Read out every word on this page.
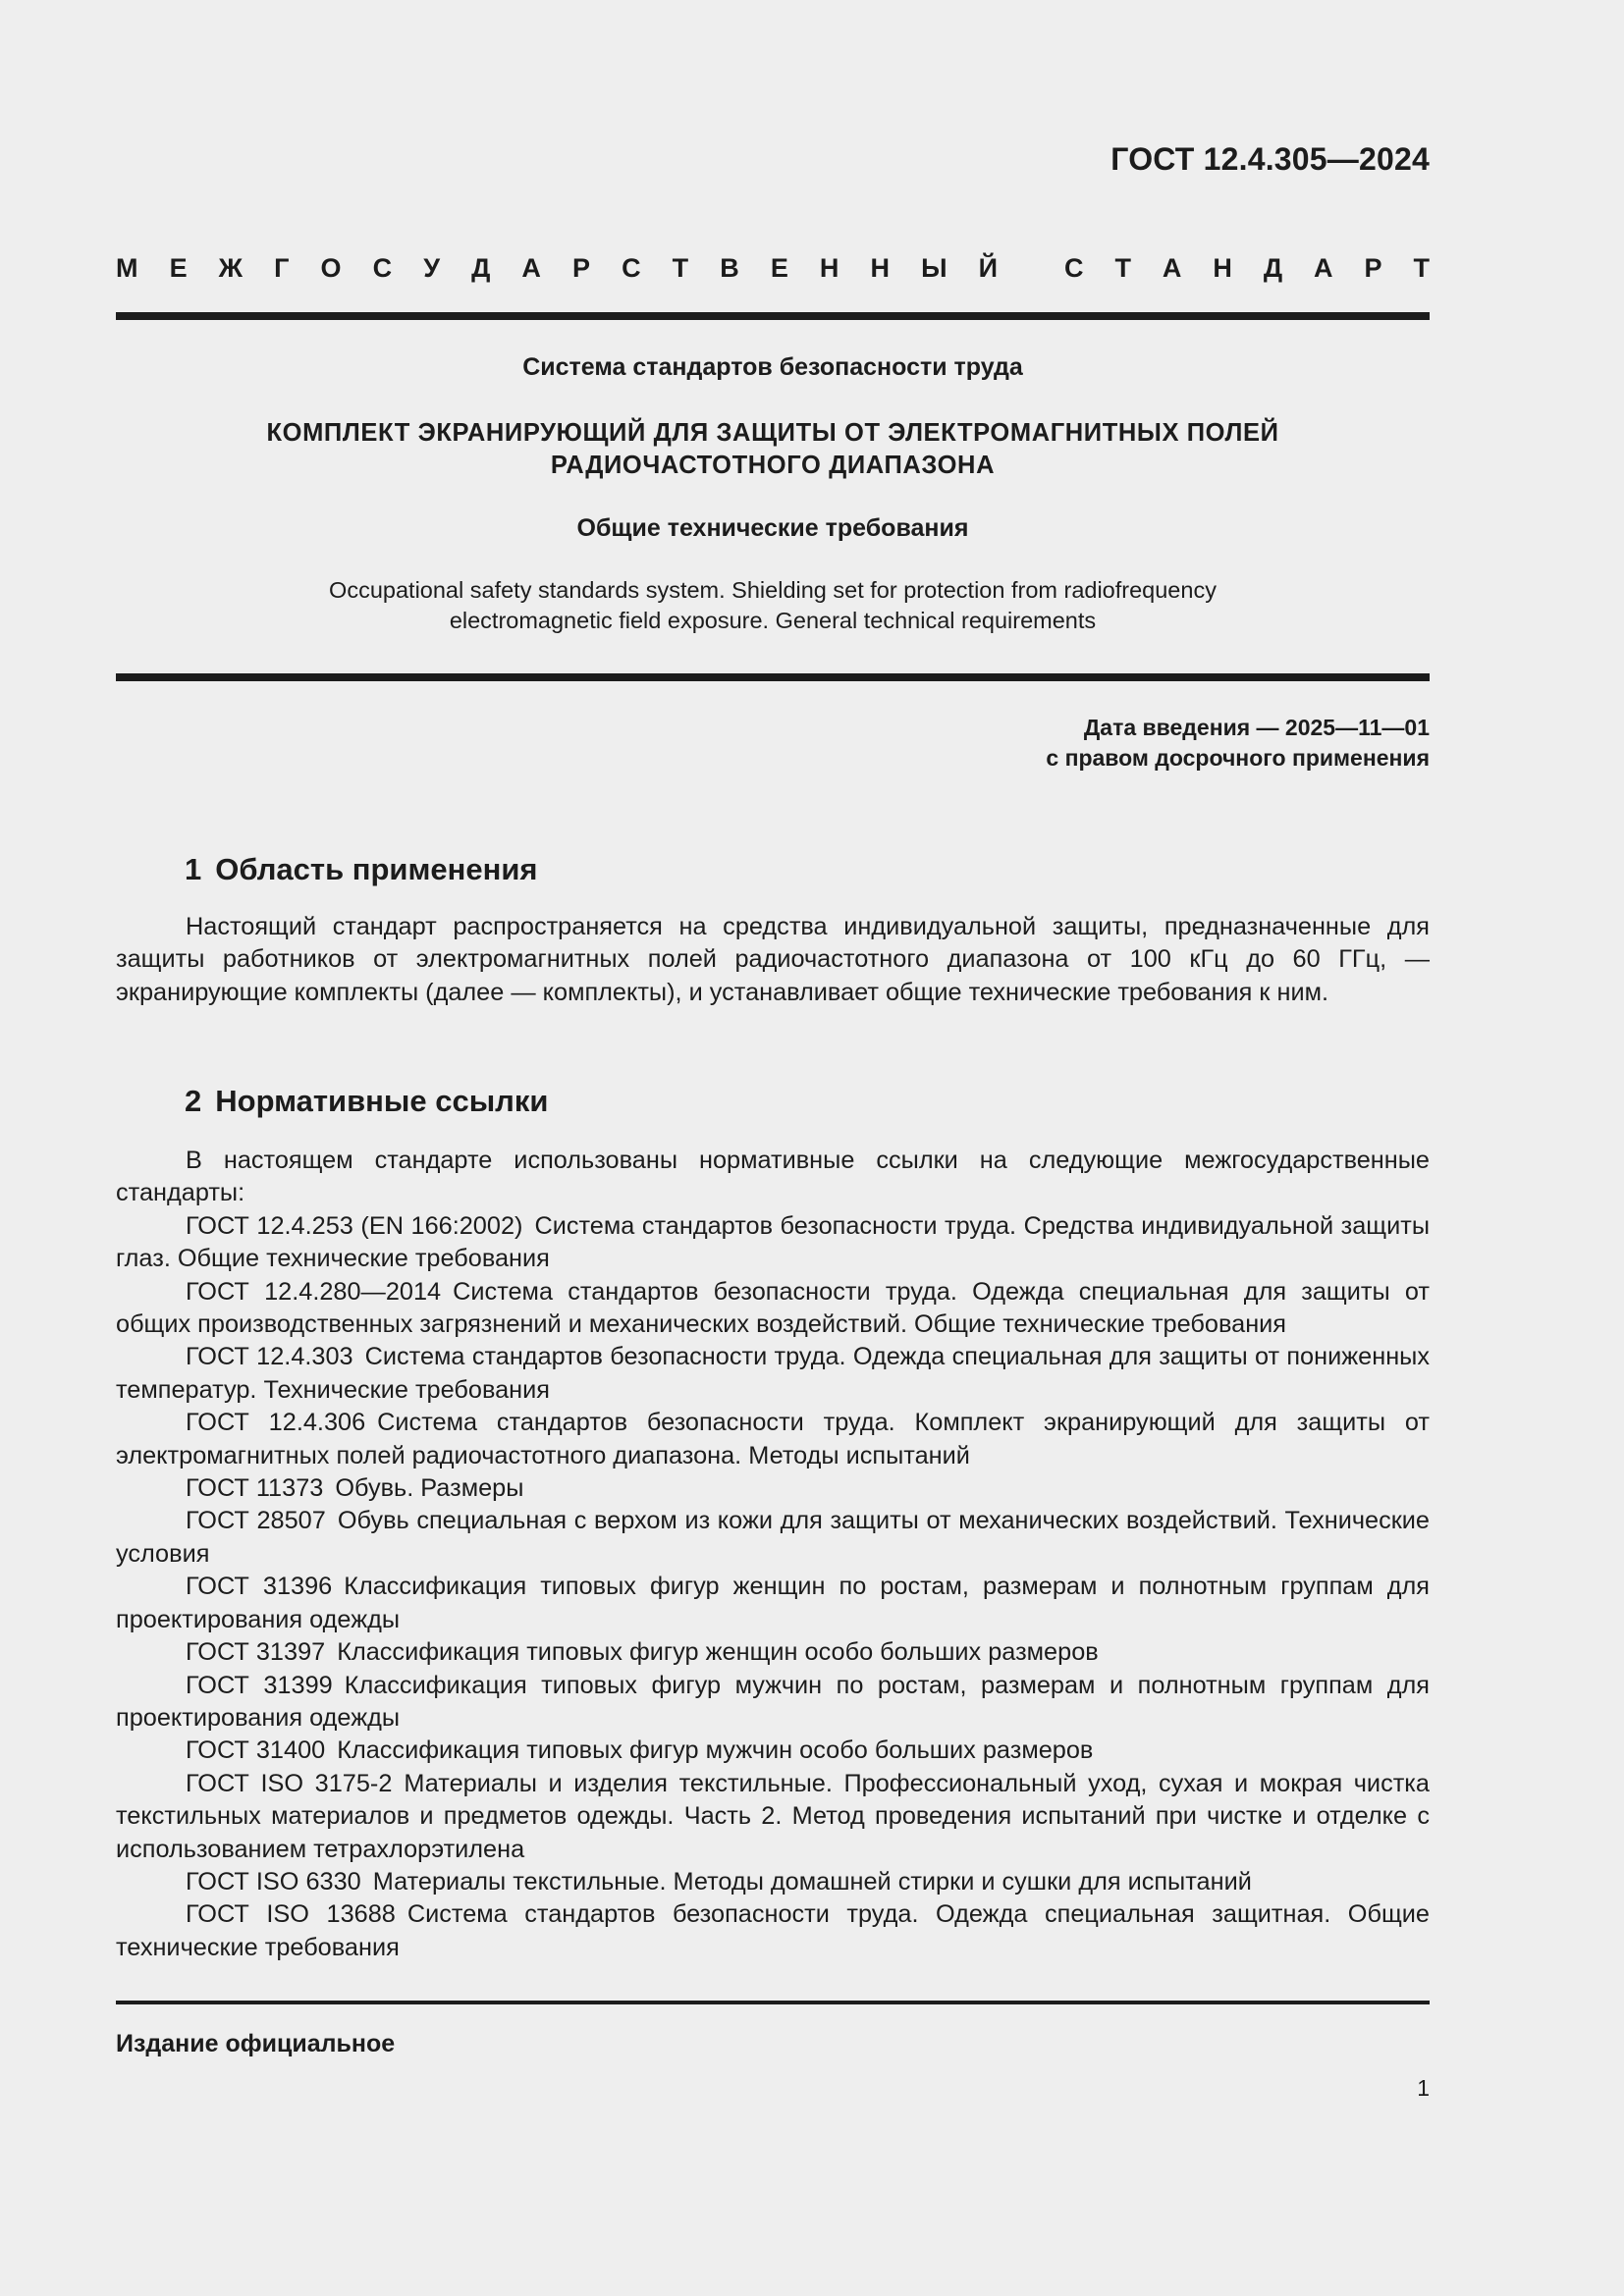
ГОСТ 12.4.305—2024
М Е Ж Г О С У Д А Р С Т В Е Н Н Ы Й	С Т А Н Д А Р Т
Система стандартов безопасности труда
КОМПЛЕКТ ЭКРАНИРУЮЩИЙ ДЛЯ ЗАЩИТЫ ОТ ЭЛЕКТРОМАГНИТНЫХ ПОЛЕЙ
РАДИОЧАСТОТНОГО ДИАПАЗОНА
Общие технические требования
Occupational safety standards system. Shielding set for protection from radiofrequency
electromagnetic field exposure. General technical requirements
Дата введения — 2025—11—01
с правом досрочного применения
1 Область применения

Настоящий стандарт распространяется на средства индивидуальной защиты, предназначенные для защиты работников от электромагнитных полей радиочастотного диапазона от 100 кГц до 60 ГГц, — экранирующие комплекты (далее — комплекты), и устанавливает общие технические требования к ним.

2 Нормативные ссылки

В настоящем стандарте использованы нормативные ссылки на следующие межгосударственные стандарты:

ГОСТ 12.4.253 (EN 166:2002) Система стандартов безопасности труда. Средства индивидуальной защиты глаз. Общие технические требования

ГОСТ 12.4.280—2014 Система стандартов безопасности труда. Одежда специальная для защиты от общих производственных загрязнений и механических воздействий. Общие технические требования

ГОСТ 12.4.303 Система стандартов безопасности труда. Одежда специальная для защиты от пониженных температур. Технические требования

ГОСТ 12.4.306 Система стандартов безопасности труда. Комплект экранирующий для защиты от электромагнитных полей радиочастотного диапазона. Методы испытаний

ГОСТ 11373 Обувь. Размеры

ГОСТ 28507 Обувь специальная с верхом из кожи для защиты от механических воздействий. Технические условия

ГОСТ 31396 Классификация типовых фигур женщин по ростам, размерам и полнотным группам для проектирования одежды

ГОСТ 31397 Классификация типовых фигур женщин особо больших размеров

ГОСТ 31399 Классификация типовых фигур мужчин по ростам, размерам и полнотным группам для проектирования одежды

ГОСТ 31400 Классификация типовых фигур мужчин особо больших размеров

ГОСТ ISO 3175-2 Материалы и изделия текстильные. Профессиональный уход, сухая и мокрая чистка текстильных материалов и предметов одежды. Часть 2. Метод проведения испытаний при чистке и отделке с использованием тетрахлорэтилена

ГОСТ ISO 6330 Материалы текстильные. Методы домашней стирки и сушки для испытаний

ГОСТ ISO 13688 Система стандартов безопасности труда. Одежда специальная защитная. Общие технические требования

Издание официальное
1
